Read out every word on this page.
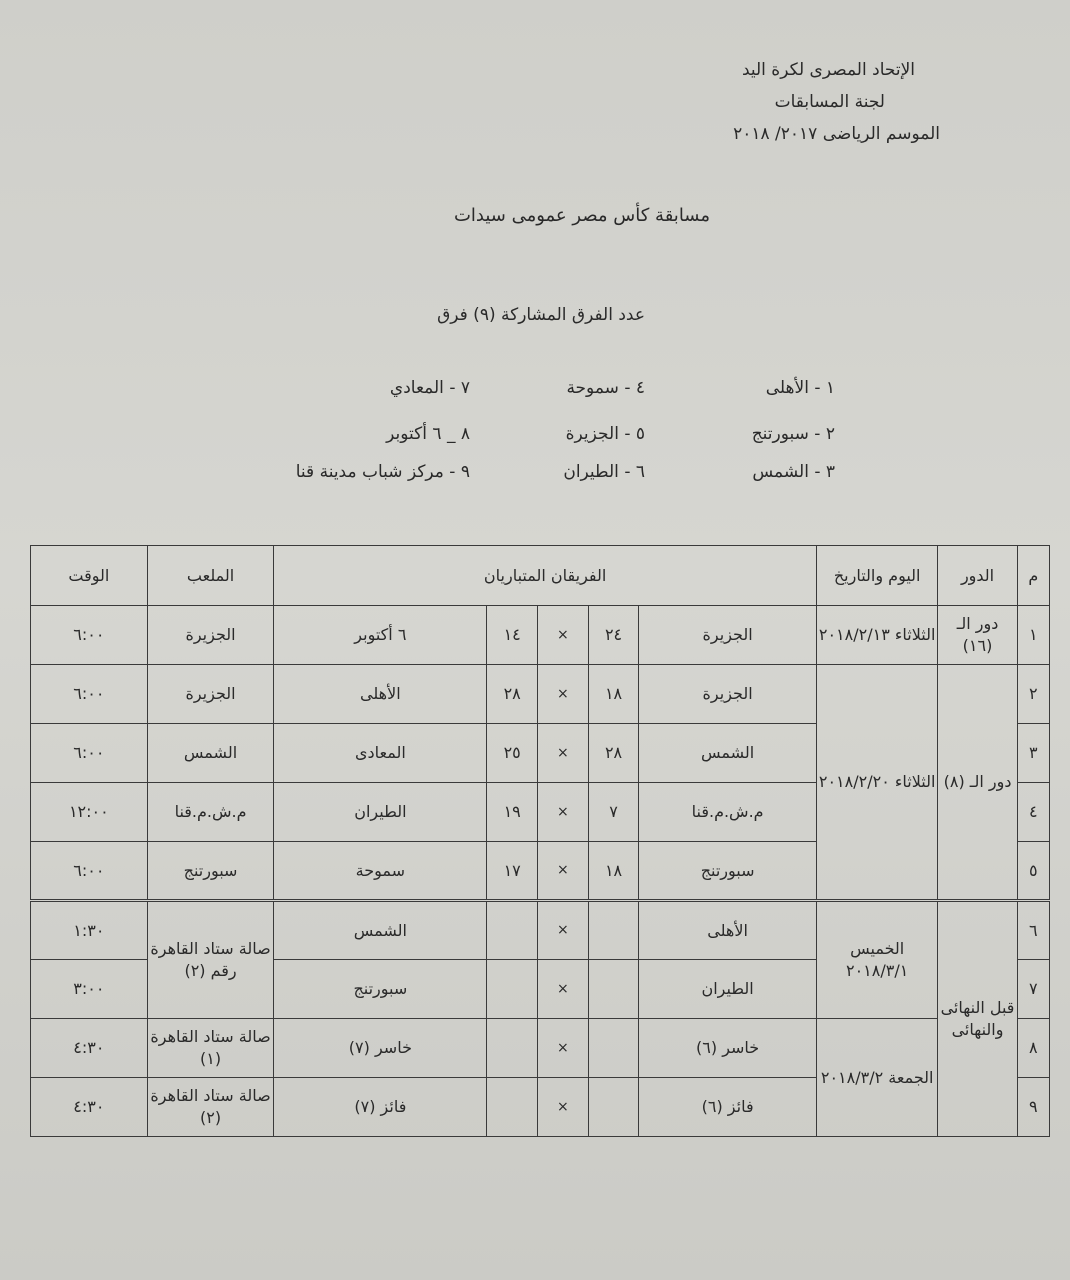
الإتحاد المصرى لكرة اليد
لجنة المسابقات
الموسم الرياضى ٢٠١٧/ ٢٠١٨
مسابقة كأس مصر عمومى سيدات
عدد الفرق المشاركة (٩) فرق
١ - الأهلى
٢ - سبورتنج
٣ - الشمس
٤ - سموحة
٥ - الجزيرة
٦ - الطيران
٧ - المعادي
٨ _ ٦ أكتوبر
٩ - مركز شباب مدينة قنا
م	الدور	اليوم والتاريخ	الفريقان المتباريان					الملعب	الوقت
١	دور الـ (١٦)	الثلاثاء ٢٠١٨/٢/١٣	الجزيرة	٢٤	×	١٤	٦ أكتوبر	الجزيرة	٦:٠٠
٢	دور الـ (٨)	الثلاثاء ٢٠١٨/٢/٢٠	الجزيرة	١٨	×	٢٨	الأهلى	الجزيرة	٦:٠٠
٣			الشمس	٢٨	×	٢٥	المعادى	الشمس	٦:٠٠
٤			م.ش.م.قنا	٧	×	١٩	الطيران	م.ش.م.قنا	١٢:٠٠
٥			سبورتنج	١٨	×	١٧	سموحة	سبورتنج	٦:٠٠
٦	قبل النهائى والنهائى	الخميس ٢٠١٨/٣/١	الأهلى		×		الشمس	صالة ستاد القاهرة رقم (٢)	١:٣٠
٧			الطيران		×		سبورتنج		٣:٠٠
٨		الجمعة ٢٠١٨/٣/٢	خاسر (٦)		×		خاسر (٧)	صالة ستاد القاهرة (١)	٤:٣٠
٩			فائز (٦)		×		فائز (٧)	صالة ستاد القاهرة (٢)	٤:٣٠
